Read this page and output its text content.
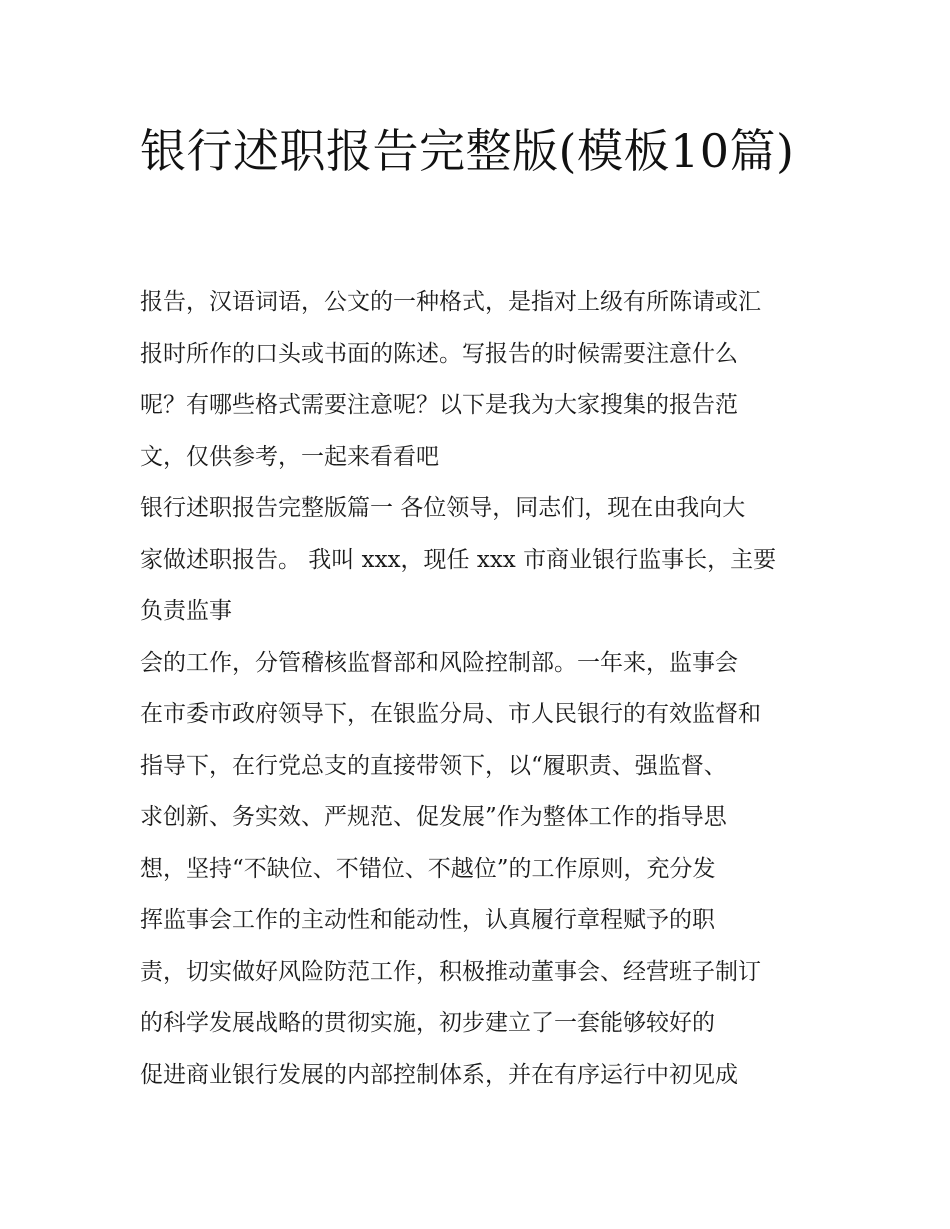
银行述职报告完整版(模板10篇)
报告，汉语词语，公文的一种格式，是指对上级有所陈请或汇
报时所作的口头或书面的陈述。写报告的时候需要注意什么
呢？有哪些格式需要注意呢？以下是我为大家搜集的报告范
文，仅供参考，一起来看看吧
银行述职报告完整版篇一 各位领导，同志们，现在由我向大
家做述职报告。 我叫 xxx，现任 xxx 市商业银行监事长，主要
负责监事
会的工作，分管稽核监督部和风险控制部。一年来，监事会
在市委市政府领导下，在银监分局、市人民银行的有效监督和
指导下，在行党总支的直接带领下，以“履职责、强监督、
求创新、务实效、严规范、促发展”作为整体工作的指导思
想，坚持“不缺位、不错位、不越位”的工作原则，充分发
挥监事会工作的主动性和能动性，认真履行章程赋予的职
责，切实做好风险防范工作，积极推动董事会、经营班子制订
的科学发展战略的贯彻实施，初步建立了一套能够较好的
促进商业银行发展的内部控制体系，并在有序运行中初见成
